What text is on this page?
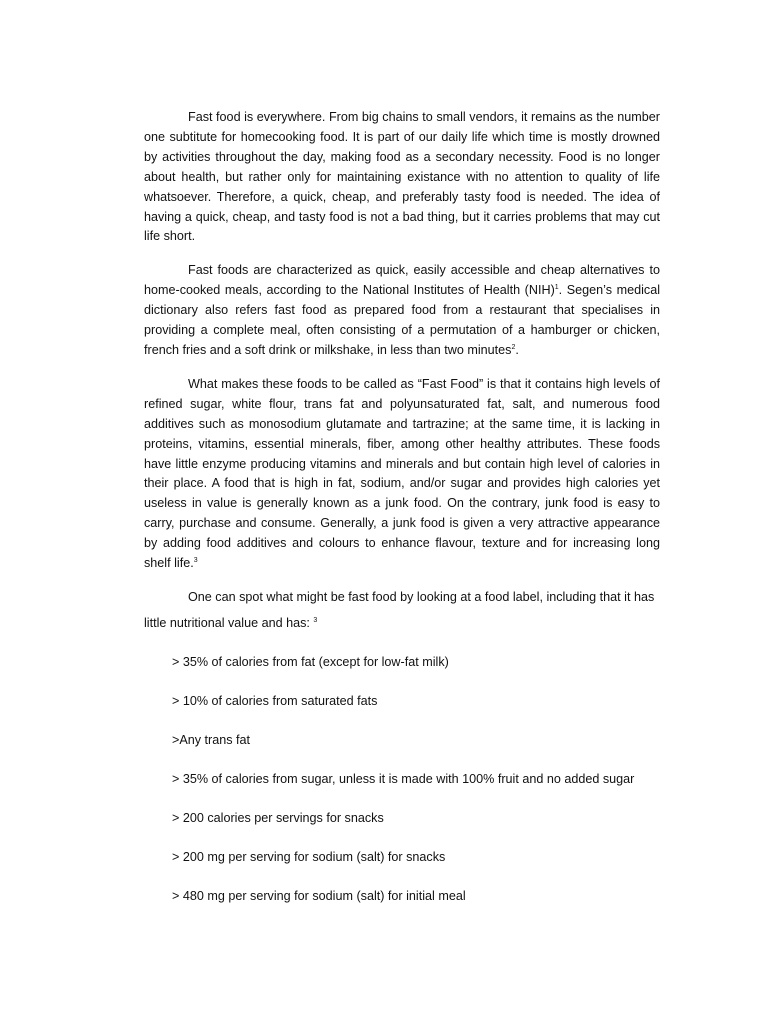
Fast food is everywhere. From big chains to small vendors, it remains as the number one subtitute for homecooking food. It is part of our daily life which time is mostly drowned by activities throughout the day, making food as a secondary necessity. Food is no longer about health, but rather only for maintaining existance with no attention to quality of life whatsoever. Therefore, a quick, cheap, and preferably tasty food is needed. The idea of having a quick, cheap, and tasty food is not a bad thing, but it carries problems that may cut life short.

Fast foods are characterized as quick, easily accessible and cheap alternatives to home-cooked meals, according to the National Institutes of Health (NIH)$^1$. Segen’s medical dictionary also refers fast food as prepared food from a restaurant that specialises in providing a complete meal, often consisting of a permutation of a hamburger or chicken, french fries and a soft drink or milkshake, in less than two minutes$^2$.

What makes these foods to be called as “Fast Food” is that it contains high levels of refined sugar, white flour, trans fat and polyunsaturated fat, salt, and numerous food additives such as monosodium glutamate and tartrazine; at the same time, it is lacking in proteins, vitamins, essential minerals, fiber, among other healthy attributes. These foods have little enzyme producing vitamins and minerals and but contain high level of calories in their place. A food that is high in fat, sodium, and/or sugar and provides high calories yet useless in value is generally known as a junk food. On the contrary, junk food is easy to carry, purchase and consume. Generally, a junk food is given a very attractive appearance by adding food additives and colours to enhance flavour, texture and for increasing long shelf life.$^3$

One can spot what might be fast food by looking at a food label, including that it has
little nutritional value and has: $^3$

> 35% of calories from fat (except for low-fat milk)
> 10% of calories from saturated fats
>Any trans fat
> 35% of calories from sugar, unless it is made with 100% fruit and no added sugar
> 200 calories per servings for snacks
> 200 mg per serving for sodium (salt) for snacks
> 480 mg per serving for sodium (salt) for initial meal
